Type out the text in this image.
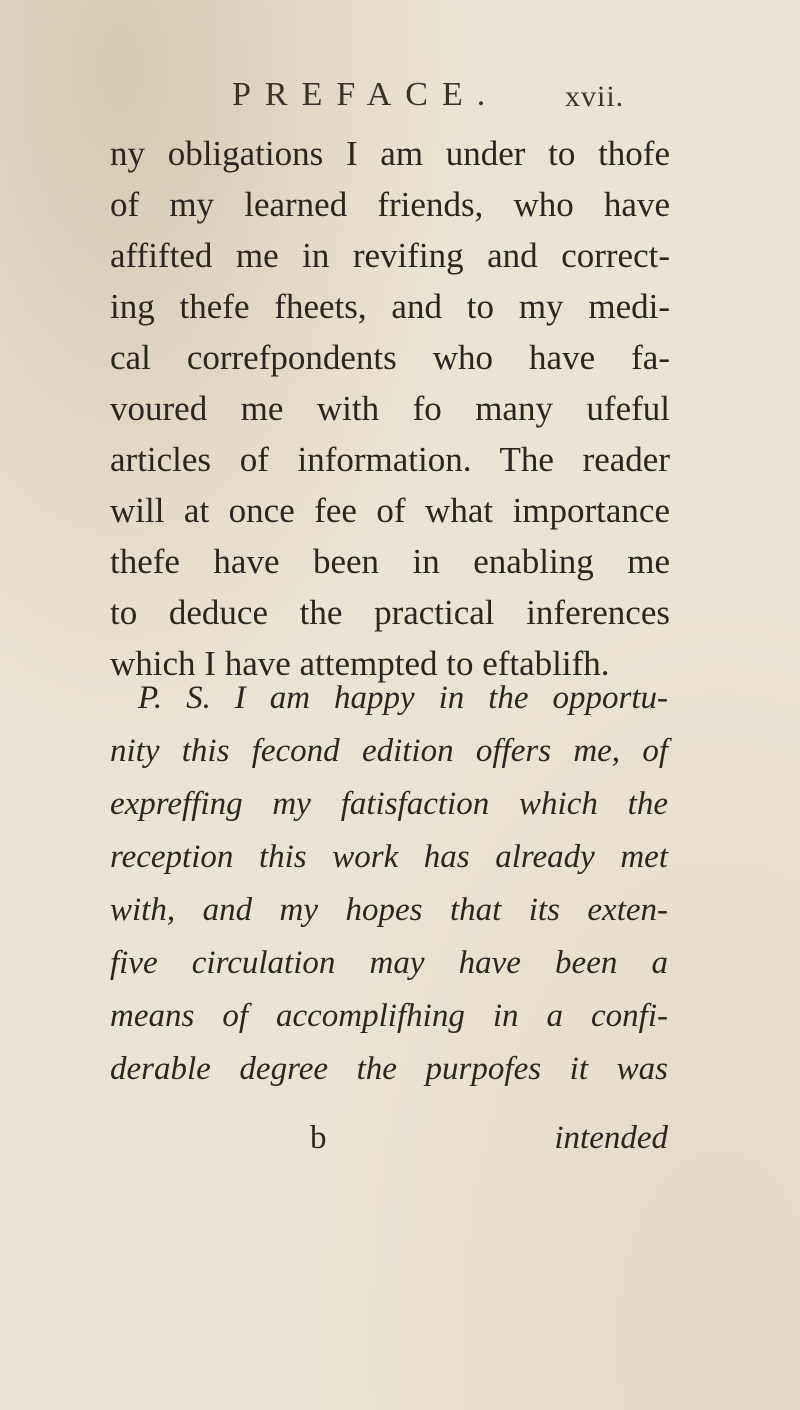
PREFACE. xvii.
ny obligations I am under to thofe
of my learned friends, who have
affifted me in revifing and correct-
ing thefe fheets, and to my medi-
cal correfpondents who have fa-
voured me with fo many ufeful
articles of information. The reader
will at once fee of what importance
thefe have been in enabling me
to deduce the practical inferences
which I have attempted to eftablifh.
P. S. I am happy in the opportu-
nity this fecond edition offers me, of
expreffing my fatisfaction which the
reception this work has already met
with, and my hopes that its exten-
five circulation may have been a
means of accomplifhing in a confi-
derable degree the purpofes it was
b	intended
